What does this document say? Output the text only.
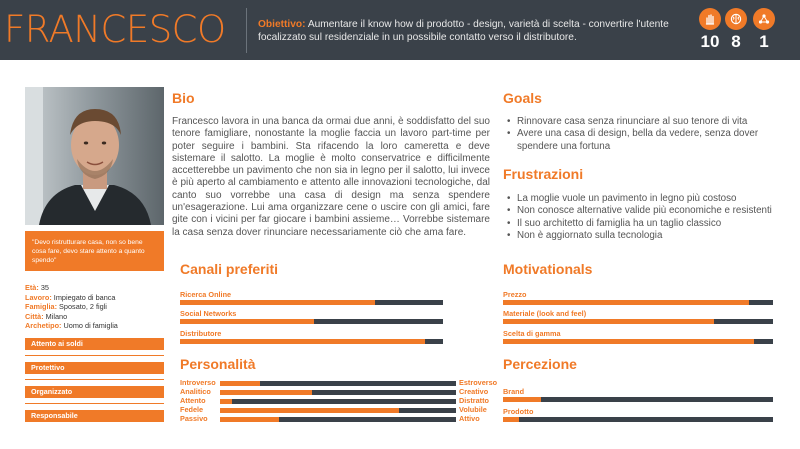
FRANCESCO	Obiettivo: Aumentare il know how di prodotto - design, varietà di scelta - convertire l'utente focalizzato sul residenziale in un possibile contatto verso il distributore.	10 8	1
"Devo ristrutturare casa, non so bene cosa fare, devo stare attento a quanto spendo"
Età: 35
Lavoro: Impiegato di banca
Famiglia: Sposato, 2 figli
Città: Milano
Archetipo: Uomo di famiglia
Attento ai soldi
Protettivo
Organizzato
Responsabile
Bio
Francesco lavora in una banca da ormai due anni, è soddisfatto del suo tenore famigliare, nonostante la moglie faccia un lavoro part-time per poter seguire i bambini. Sta rifacendo la loro cameretta e deve sistemare il salotto. La moglie è molto conservatrice e difficilmente accetterebbe un pavimento che non sia in legno per il salotto, lui invece è più aperto al cambiamento e attento alle innovazioni tecnologiche, dal canto suo vorrebbe una casa di design ma senza spendere un'esagerazione. Lui ama organizzare cene o uscire con gli amici, fare gite con i vicini per far giocare i bambini assieme… Vorrebbe sistemare la casa senza dover rinunciare necessariamente ciò che ama fare.
Goals
• Rinnovare casa senza rinunciare al suo tenore di vita
• Avere una casa di design, bella da vedere, senza dover spendere una fortuna
Frustrazioni
• La moglie vuole un pavimento in legno più costoso
• Non conosce alternative valide più economiche e resistenti
• Il suo architetto di famiglia ha un taglio classico
• Non è aggiornato sulla tecnologia
Canali preferiti
Ricerca Online
Social Networks
Distributore
Motivationals
Prezzo
Materiale (look and feel)
Scelta di gamma
Personalità
Introverso	Estroverso
Analitico	Creativo
Attento	Distratto
Fedele	Volubile
Passivo	Attivo
Percezione
Brand
Prodotto
